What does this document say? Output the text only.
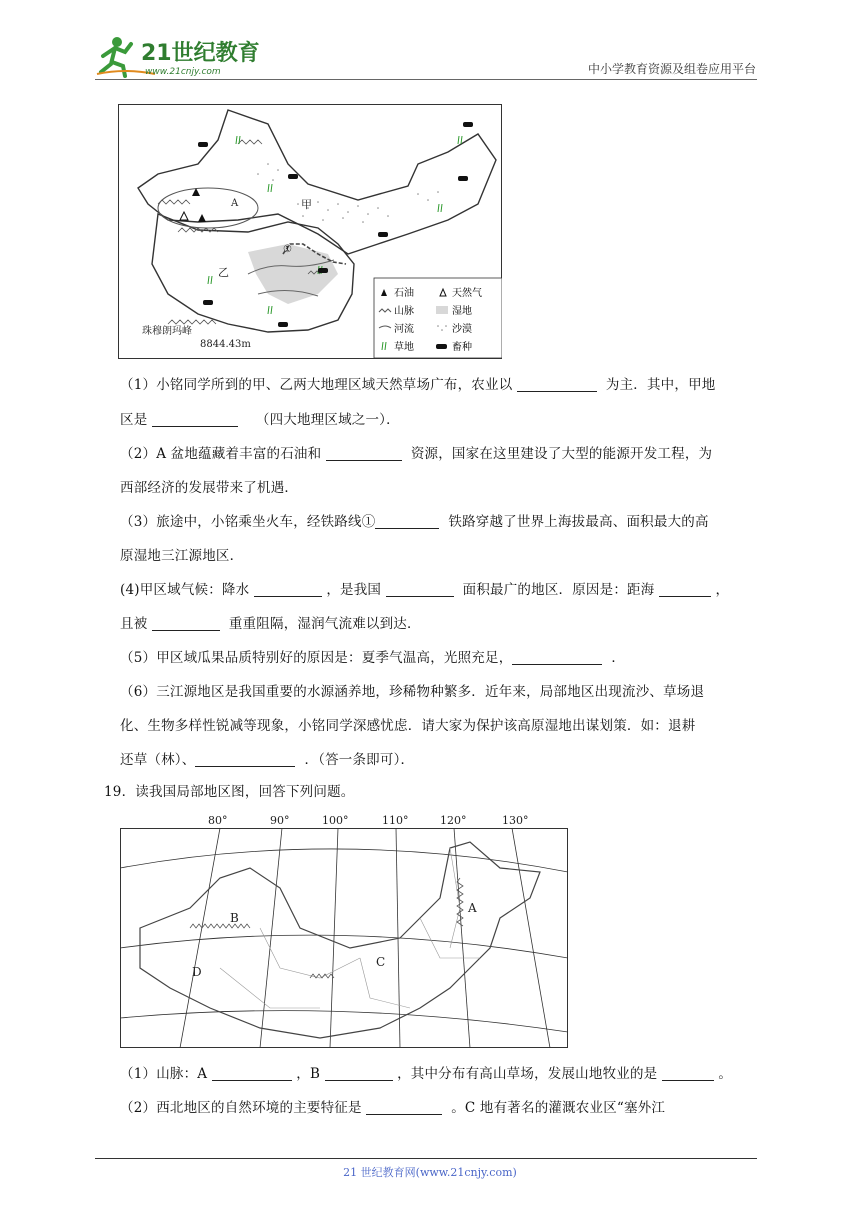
21世纪教育
www.21cnjy.com	中小学教育资源及组卷应用平台
甲
乙
A
①
珠穆朗玛峰
8844.43m
石油	天然气
山脉	湿地
河流	沙漠
草地	畜种
（1）小铭同学所到的甲、乙两大地理区域天然草场广布，农业以	为主．其中，甲地
区是	（四大地理区域之一）．
（2）A 盆地蕴藏着丰富的石油和	资源，国家在这里建设了大型的能源开发工程，为
西部经济的发展带来了机遇．
（3）旅途中，小铭乘坐火车，经铁路线①	铁路穿越了世界上海拔最高、面积最大的高
原湿地三江源地区．
(4)甲区域气候：降水	，是我国	面积最广的地区．原因是：距海	，
且被	重重阻隔，湿润气流难以到达．
（5）甲区域瓜果品质特别好的原因是：夏季气温高，光照充足，	．
（6）三江源地区是我国重要的水源涵养地，珍稀物种繁多．近年来，局部地区出现流沙、草场退
化、生物多样性锐减等现象，小铭同学深感忧虑．请大家为保护该高原湿地出谋划策．如：退耕
还草（林）、	．（答一条即可）．
19．读我国局部地区图，回答下列问题。
80°	90°	100°	110°	120°	130°
B
D
C
A
（1）山脉：A	，B	，其中分布有高山草场，发展山地牧业的是	。
（2）西北地区的自然环境的主要特征是	。C 地有著名的灌溉农业区“塞外江
21 世纪教育网(www.21cnjy.com)
